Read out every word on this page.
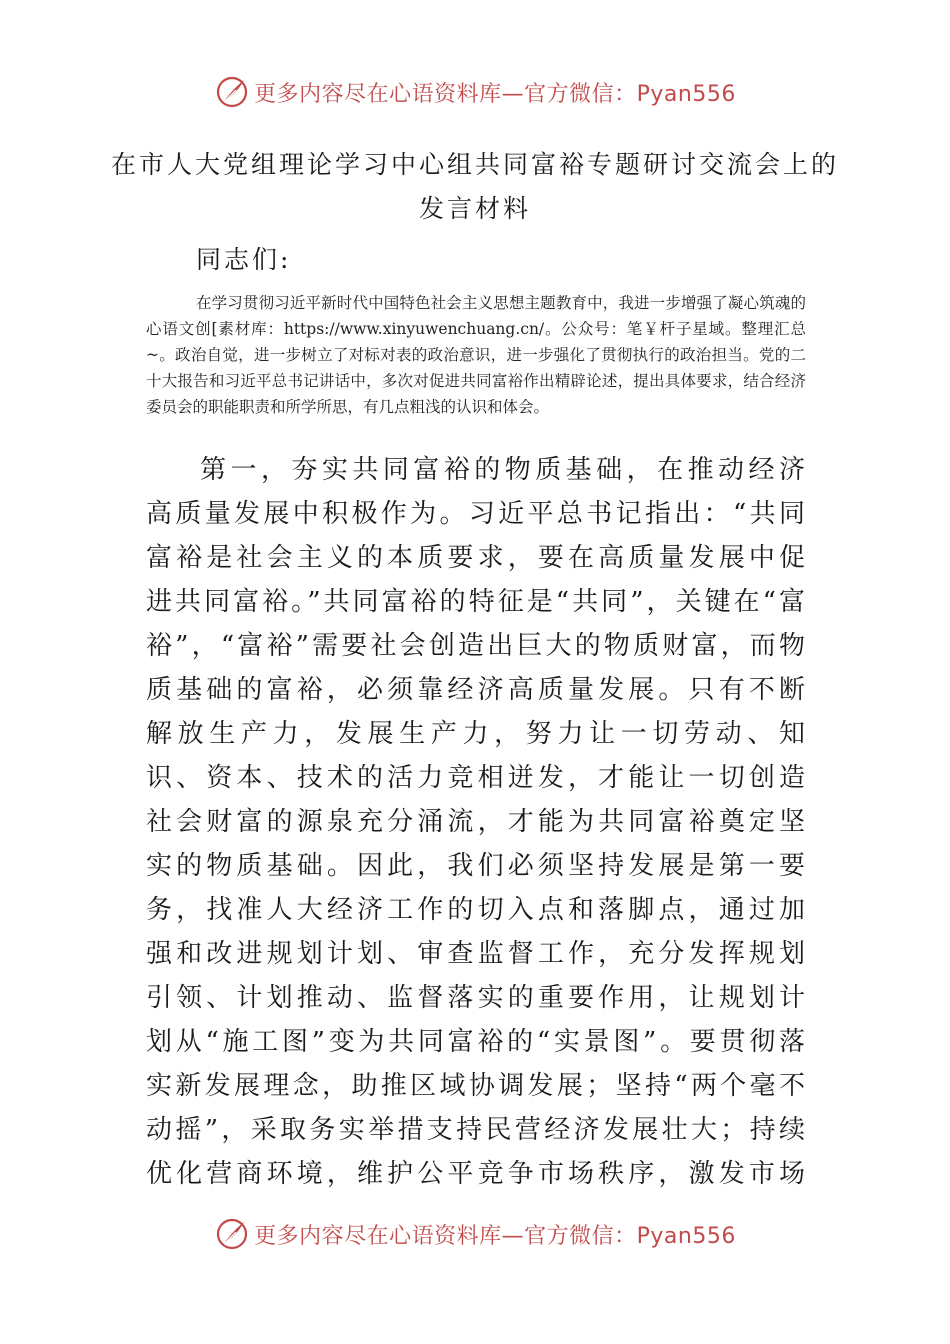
更多内容尽在心语资料库—官方微信：Pyan556
在市人大党组理论学习中心组共同富裕专题研讨交流会上的发言材料
同志们:
在学习贯彻习近平新时代中国特色社会主义思想主题教育中，我进一步增强了凝心筑魂的心语文创[素材库：https://www.xinyuwenchuang.cn/。公众号：笔￥杆子星域。整理汇总~。政治自觉，进一步树立了对标对表的政治意识，进一步强化了贯彻执行的政治担当。党的二十大报告和习近平总书记讲话中，多次对促进共同富裕作出精辟论述，提出具体要求，结合经济委员会的职能职责和所学所思，有几点粗浅的认识和体会。
第一，夯实共同富裕的物质基础，在推动经济高质量发展中积极作为。习近平总书记指出：“共同富裕是社会主义的本质要求，要在高质量发展中促进共同富裕。”共同富裕的特征是“共同”，关键在“富裕”，“富裕”需要社会创造出巨大的物质财富，而物质基础的富裕，必须靠经济高质量发展。只有不断解放生产力，发展生产力，努力让一切劳动、知识、资本、技术的活力竞相迸发，才能让一切创造社会财富的源泉充分涌流，才能为共同富裕奠定坚实的物质基础。因此，我们必须坚持发展是第一要务，找准人大经济工作的切入点和落脚点，通过加强和改进规划计划、审查监督工作，充分发挥规划引领、计划推动、监督落实的重要作用，让规划计划从“施工图”变为共同富裕的“实景图”。要贯彻落实新发展理念，助推区域协调发展；坚持“两个毫不动摇”，采取务实举措支持民营经济发展壮大；持续优化营商环境，维护公平竞争市场秩序，激发市场
更多内容尽在心语资料库—官方微信：Pyan556
